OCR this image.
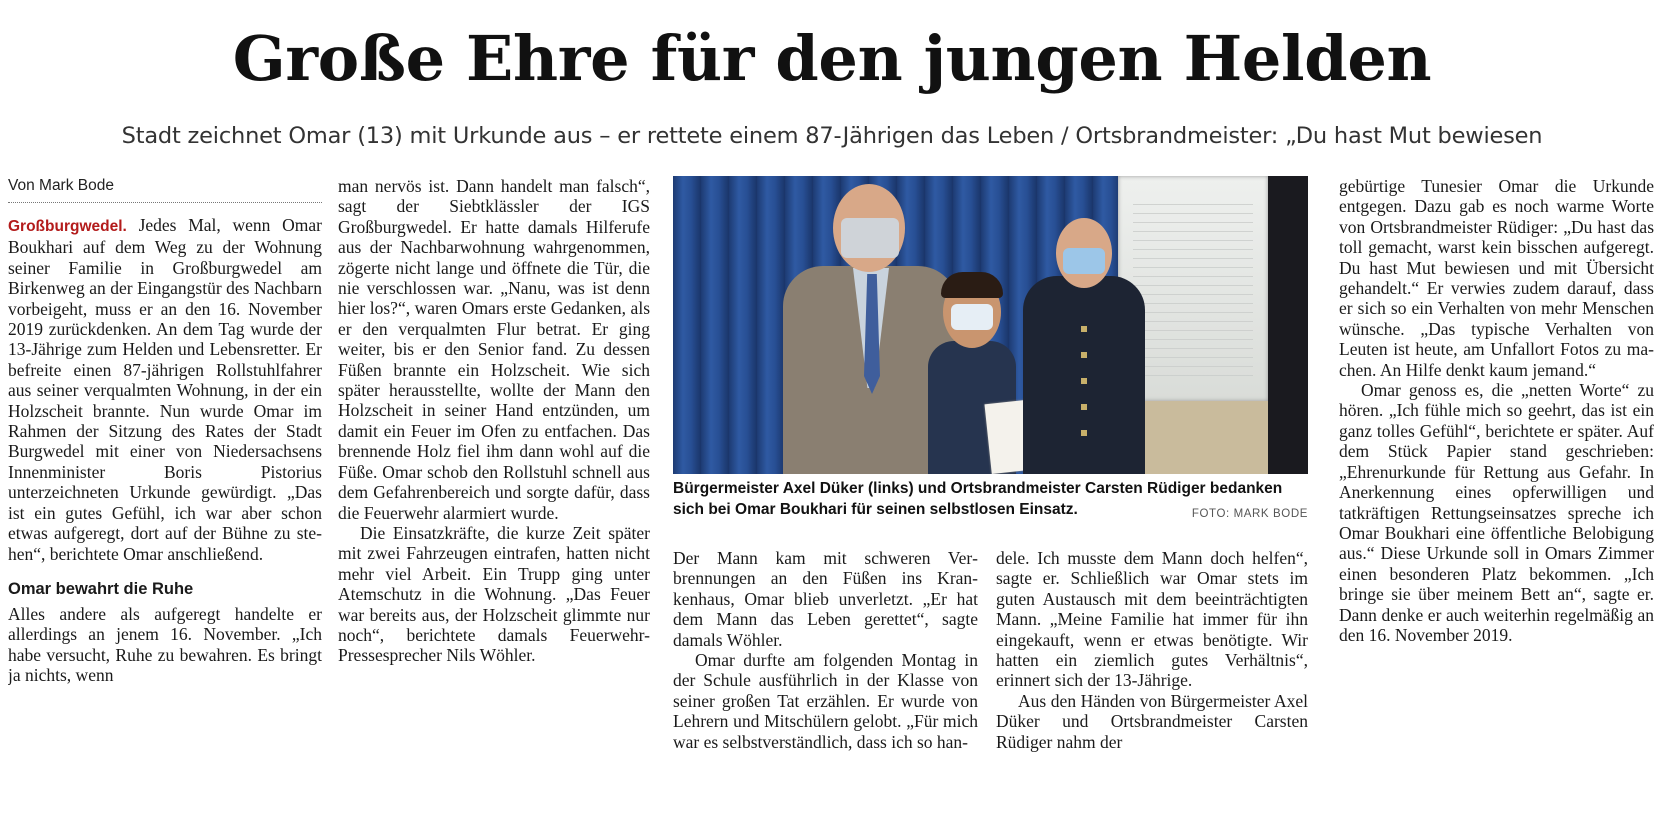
Große Ehre für den jungen Helden

Stadt zeichnet Omar (13) mit Urkunde aus – er rettete einem 87-Jährigen das Leben / Ortsbrandmeister: „Du hast Mut bewiesen

Von Mark Bode

Großburgwedel. Jedes Mal, wenn Omar Boukhari auf dem Weg zu der Wohnung seiner Familie in Großburgwedel am Birkenweg an der Eingangstür des Nachbarn vorbeigeht, muss er an den 16. November 2019 zurückdenken. An dem Tag wurde der 13-Jährige zum Helden und Lebensretter. Er befreite einen 87-jährigen Rollstuhlfahrer aus seiner verqualmten Wohnung, in der ein Holzscheit brannte. Nun wurde Omar im Rahmen der Sitzung des Rates der Stadt Burgwedel mit einer von Niedersachsens Innenminister Boris Pistorius unterzeichneten Urkunde gewürdigt. „Das ist ein gutes Gefühl, ich war aber schon etwas aufgeregt, dort auf der Bühne zu stehen“, berichtete Omar anschließend.

Omar bewahrt die Ruhe

Alles andere als aufgeregt handelte er allerdings an jenem 16. November. „Ich habe versucht, Ruhe zu bewahren. Es bringt ja nichts, wenn

man nervös ist. Dann handelt man falsch“, sagt der Siebtklässler der IGS Großburgwedel. Er hatte damals Hilferufe aus der Nachbarwohnung wahrgenommen, zögerte nicht lange und öffnete die Tür, die nie verschlossen war. „Nanu, was ist denn hier los?“, waren Omars erste Gedanken, als er den verqualmten Flur betrat. Er ging weiter, bis er den Senior fand. Zu dessen Füßen brannte ein Holzscheit. Wie sich später herausstellte, wollte der Mann den Holzscheit in seiner Hand entzünden, um damit ein Feuer im Ofen zu entfachen. Das brennende Holz fiel ihm dann wohl auf die Füße. Omar schob den Rollstuhl schnell aus dem Gefahrenbereich und sorgte dafür, dass die Feuerwehr alarmiert wurde.

Die Einsatzkräfte, die kurze Zeit später mit zwei Fahrzeugen eintrafen, hatten nicht mehr viel Arbeit. Ein Trupp ging unter Atemschutz in die Wohnung. „Das Feuer war bereits aus, der Holzscheit glimmte nur noch“, berichtete damals Feuerwehr-Pressesprecher Nils Wöhler.

Bürgermeister Axel Düker (links) und Ortsbrandmeister Carsten Rüdiger bedanken sich bei Omar Boukhari für seinen selbstlosen Einsatz.	FOTO: MARK BODE

Der Mann kam mit schweren Verbrennungen an den Füßen ins Krankenhaus, Omar blieb unverletzt. „Er hat dem Mann das Leben gerettet“, sagte damals Wöhler.

Omar durfte am folgenden Montag in der Schule ausführlich in der Klasse von seiner großen Tat erzählen. Er wurde von Lehrern und Mitschülern gelobt. „Für mich war es selbstverständlich, dass ich so han-

dele. Ich musste dem Mann doch helfen“, sagte er. Schließlich war Omar stets im guten Austausch mit dem beeinträchtigten Mann. „Meine Familie hat immer für ihn eingekauft, wenn er etwas benötigte. Wir hatten ein ziemlich gutes Verhältnis“, erinnert sich der 13-Jährige.

Aus den Händen von Bürgermeister Axel Düker und Ortsbrandmeister Carsten Rüdiger nahm der

gebürtige Tunesier Omar die Urkunde entgegen. Dazu gab es noch warme Worte von Ortsbrandmeister Rüdiger: „Du hast das toll gemacht, warst kein bisschen aufgeregt. Du hast Mut bewiesen und mit Übersicht gehandelt.“ Er verwies zudem darauf, dass er sich so ein Verhalten von mehr Menschen wünsche. „Das typische Verhalten von Leuten ist heute, am Unfallort Fotos zu machen. An Hilfe denkt kaum jemand.“

Omar genoss es, die „netten Worte“ zu hören. „Ich fühle mich so geehrt, das ist ein ganz tolles Gefühl“, berichtete er später. Auf dem Stück Papier stand geschrieben: „Ehrenurkunde für Rettung aus Gefahr. In Anerkennung eines opferwilligen und tatkräftigen Rettungseinsatzes spreche ich Omar Boukhari eine öffentliche Belobigung aus.“ Diese Urkunde soll in Omars Zimmer einen besonderen Platz bekommen. „Ich bringe sie über meinem Bett an“, sagte er. Dann denke er auch weiterhin regelmäßig an den 16. November 2019.
